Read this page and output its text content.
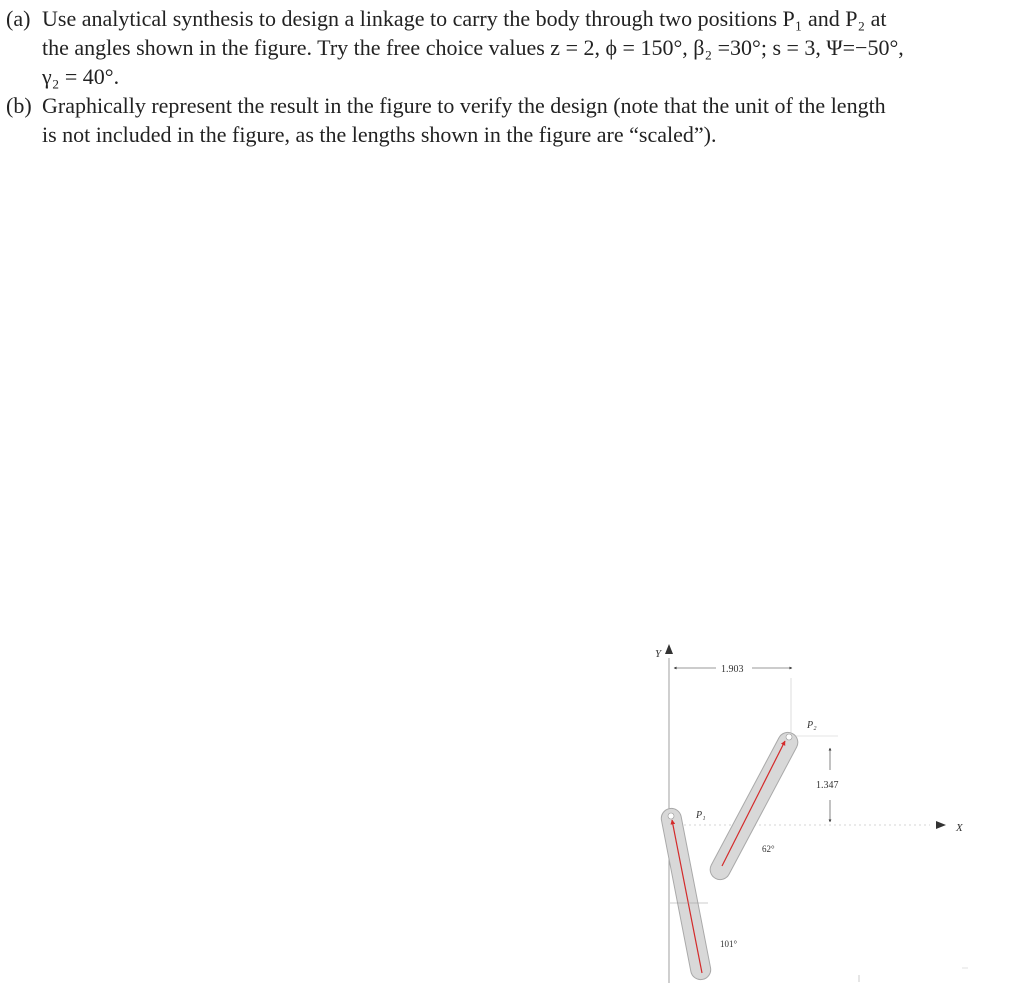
(a) Use analytical synthesis to design a linkage to carry the body through two positions P₁ and P₂ at

the angles shown in the figure. Try the free choice values z = 2, ϕ = 150°, β₂ =30°; s = 3, Ψ=−50°,

γ₂ = 40°.

(b) Graphically represent the result in the figure to verify the design (note that the unit of the length

is not included in the figure, as the lengths shown in the figure are “scaled”).

Y
X
1.903
1.347
P₂
62°
P₁
101°
